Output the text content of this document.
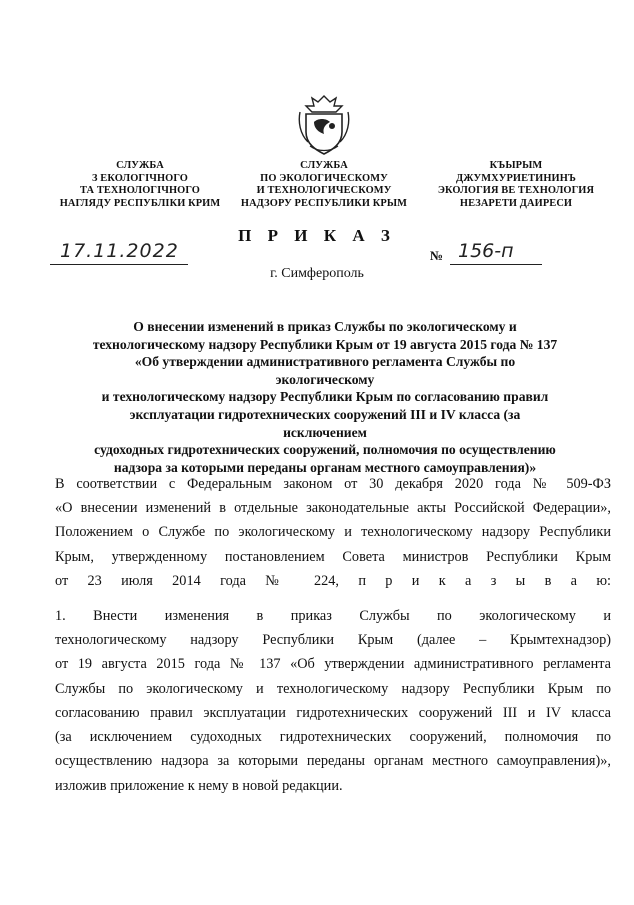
СЛУЖБА
З ЕКОЛОГІЧНОГО
ТА ТЕХНОЛОГІЧНОГО
НАГЛЯДУ РЕСПУБЛІКИ КРИМ
СЛУЖБА
ПО ЭКОЛОГИЧЕСКОМУ
И ТЕХНОЛОГИЧЕСКОМУ
НАДЗОРУ РЕСПУБЛИКИ КРЫМ
КЪЫРЫМ
ДЖУМХУРИЕТИНИНЪ
ЭКОЛОГИЯ ВЕ ТЕХНОЛОГИЯ
НЕЗАРЕТИ ДАИРЕСИ
П Р И К А З
17.11.2022	№ 156-п
г. Симферополь
О внесении изменений в приказ Службы по экологическому и
технологическому надзору Республики Крым от 19 августа 2015 года № 137
«Об утверждении административного регламента Службы по экологическому
и технологическому надзору Республики Крым по согласованию правил
эксплуатации гидротехнических сооружений III и IV класса (за исключением
судоходных гидротехнических сооружений, полномочия по осуществлению
надзора за которыми переданы органам местного самоуправления)»
В соответствии с Федеральным законом от 30 декабря 2020 года № 509-ФЗ
«О внесении изменений в отдельные законодательные акты Российской Федерации»,
Положением о Службе по экологическому и технологическому надзору Республики
Крым, утвержденному постановлением Совета министров Республики Крым
от 23 июля 2014 года № 224, п р и к а з ы в а ю:
1. Внести изменения в приказ Службы по экологическому и
технологическому надзору Республики Крым (далее – Крымтехнадзор)
от 19 августа 2015 года № 137 «Об утверждении административного регламента
Службы по экологическому и технологическому надзору Республики Крым по
согласованию правил эксплуатации гидротехнических сооружений III и IV класса
(за исключением судоходных гидротехнических сооружений, полномочия по
осуществлению надзора за которыми переданы органам местного самоуправления)»,
изложив приложение к нему в новой редакции.
